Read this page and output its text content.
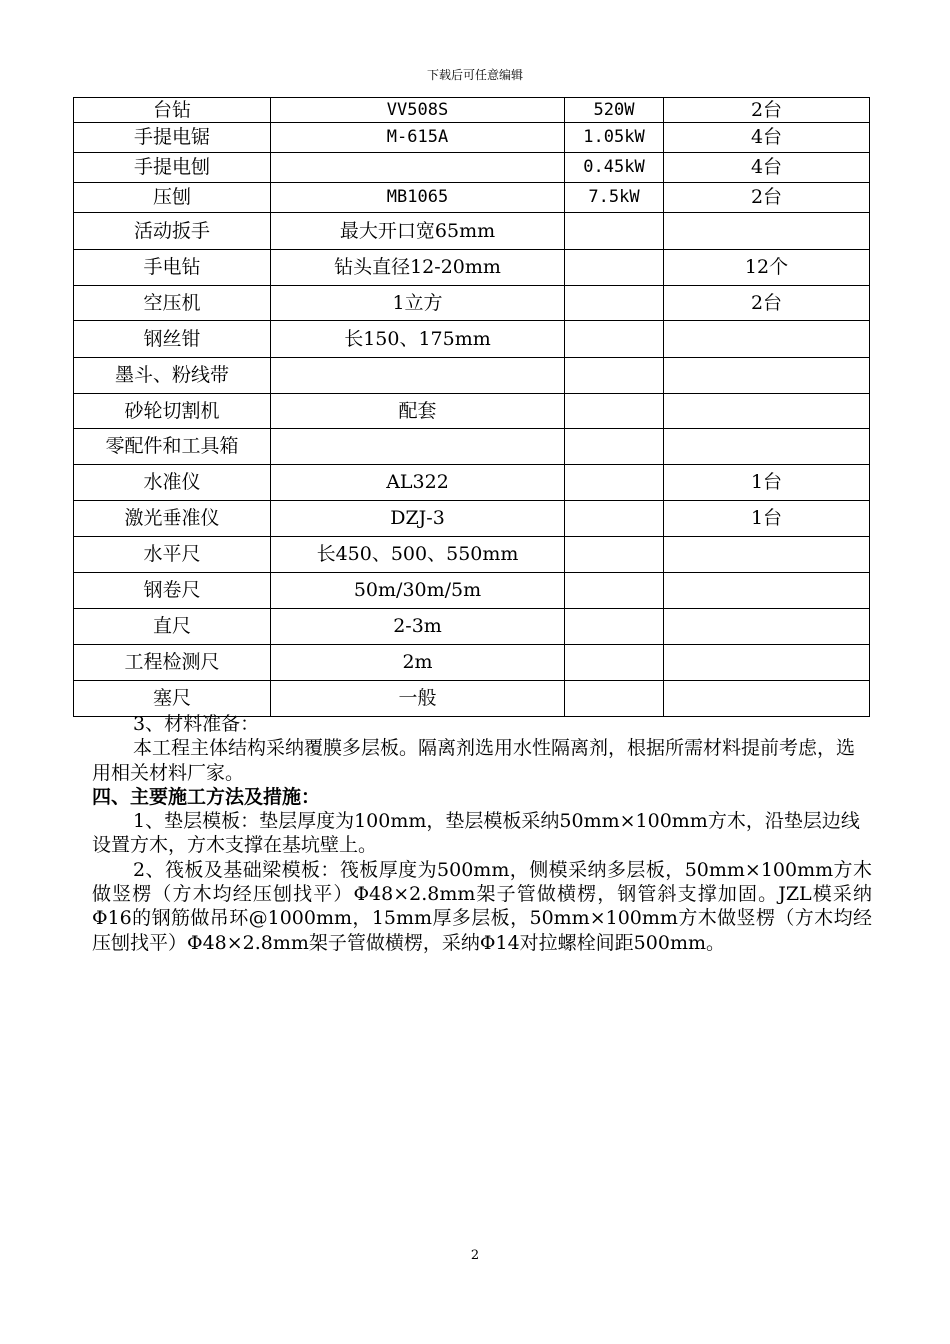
下载后可任意编辑
台钻	VV508S	520W	2台
手提电锯	M-615A	1.05kW	4台
手提电刨		0.45kW	4台
压刨	MB1065	7.5kW	2台
活动扳手	最大开口宽65mm		
手电钻	钻头直径12-20mm		12个
空压机	1立方		2台
钢丝钳	长150、175mm		
墨斗、粉线带			
砂轮切割机	配套		
零配件和工具箱			
水准仪	AL322		1台
激光垂准仪	DZJ-3		1台
水平尺	长450、500、550mm		
钢卷尺	50m/30m/5m		
直尺	2-3m		
工程检测尺	2m		
塞尺	一般		

3、材料准备：

本工程主体结构采纳覆膜多层板。隔离剂选用水性隔离剂，根据所需材料提前考虑，选用相关材料厂家。

四、主要施工方法及措施：

1、垫层模板：垫层厚度为100mm，垫层模板采纳50mm×100mm方木，沿垫层边线设置方木，方木支撑在基坑壁上。

2、筏板及基础梁模板：筏板厚度为500mm，侧模采纳多层板，50mm×100mm方木做竖楞（方木均经压刨找平）Φ48×2.8mm架子管做横楞，钢管斜支撑加固。JZL模采纳Φ16的钢筋做吊环@1000mm，15mm厚多层板，50mm×100mm方木做竖楞（方木均经压刨找平）Φ48×2.8mm架子管做横楞，采纳Φ14对拉螺栓间距500mm。

2
